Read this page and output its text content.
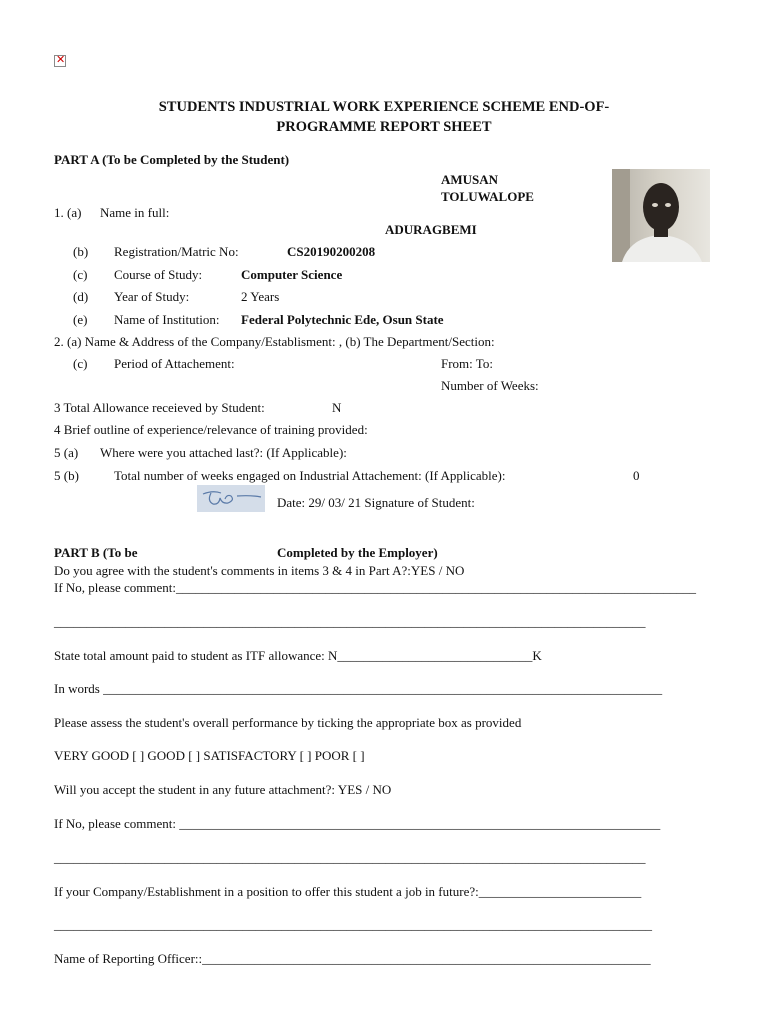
✕
STUDENTS INDUSTRIAL WORK EXPERIENCE SCHEME END-OF-
PROGRAMME REPORT SHEET
PART A (To be Completed by the Student)
AMUSAN
TOLUWALOPE
ADURAGBEMI
1. (a) Name in full:
(b) Registration/Matric No:	CS20190200208
(c) Course of Study:	Computer Science
(d) Year of Study:	2 Years
(e) Name of Institution: Federal Polytechnic Ede, Osun State
2. (a) Name & Address of the Company/Establisment: , (b) The Department/Section:
(c) Period of Attachement:	From: To:
Number of Weeks:
3 Total Allowance receieved by Student:	N
4 Brief outline of experience/relevance of training provided:
5 (a) Where were you attached last?: (If Applicable):
5 (b)	Total number of weeks engaged on Industrial Attachement: (If Applicable):	0
Date: 29/ 03/ 21 Signature of Student:
PART B (To be	Completed by the Employer)
Do you agree with the student's comments in items 3 & 4 in Part A?:YES / NO
If No, please comment:________________________________________________________________________________
___________________________________________________________________________________________
State total amount paid to student as ITF allowance: N______________________________K
In words ______________________________________________________________________________________
Please assess the student's overall performance by ticking the appropriate box as provided
VERY GOOD [ ] GOOD [ ] SATISFACTORY [ ] POOR [ ]
Will you accept the student in any future attachment?: YES / NO
If No, please comment: __________________________________________________________________________
___________________________________________________________________________________________
If your Company/Establishment in a position to offer this student a job in future?:_________________________
____________________________________________________________________________________________
Name of Reporting Officer::_____________________________________________________________________
